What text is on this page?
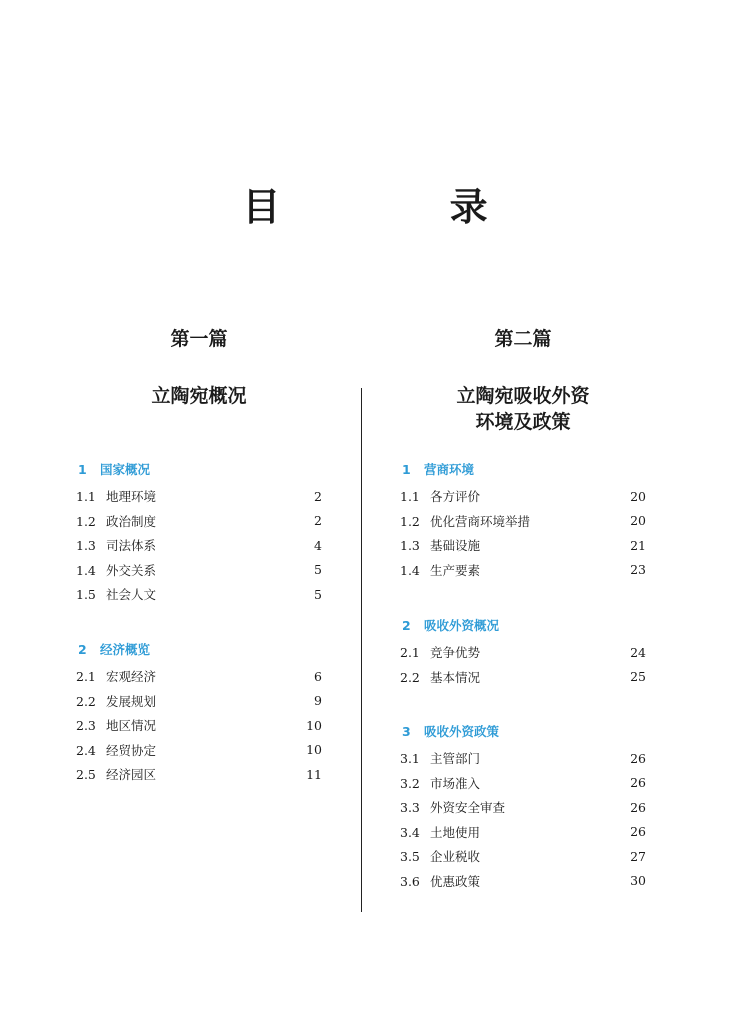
目 录
第一篇
立陶宛概况
第二篇
立陶宛吸收外资
环境及政策
1 国家概况
1.1 地理环境	2
1.2 政治制度	2
1.3 司法体系	4
1.4 外交关系	5
1.5 社会人文	5
2 经济概览
2.1 宏观经济	6
2.2 发展规划	9
2.3 地区情况	10
2.4 经贸协定	10
2.5 经济园区	11
1 营商环境
1.1 各方评价	20
1.2 优化营商环境举措	20
1.3 基础设施	21
1.4 生产要素	23
2 吸收外资概况
2.1 竞争优势	24
2.2 基本情况	25
3 吸收外资政策
3.1 主管部门	26
3.2 市场准入	26
3.3 外资安全审查	26
3.4 土地使用	26
3.5 企业税收	27
3.6 优惠政策	30
